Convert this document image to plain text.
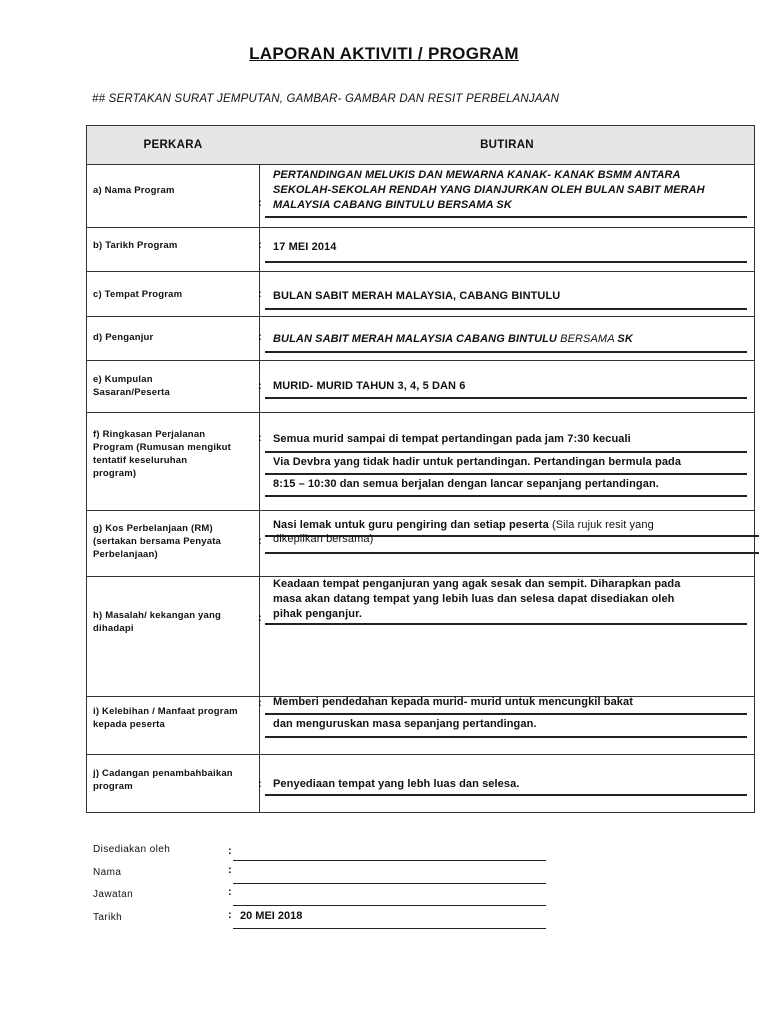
LAPORAN AKTIVITI / PROGRAM
## SERTAKAN SURAT JEMPUTAN, GAMBAR- GAMBAR DAN RESIT PERBELANJAAN
PERKARA	BUTIRAN
a) Nama Program
:
PERTANDINGAN MELUKIS DAN MEWARNA KANAK- KANAK BSMM ANTARA
SEKOLAH-SEKOLAH RENDAH YANG DIANJURKAN OLEH BULAN SABIT MERAH
MALAYSIA CABANG BINTULU BERSAMA SK
b) Tarikh Program	: 17 MEI 2014
c) Tempat Program	: BULAN SABIT MERAH MALAYSIA, CABANG BINTULU
d) Penganjur	: BULAN SABIT MERAH MALAYSIA CABANG BINTULU BERSAMA SK
e) Kumpulan Sasaran/Peserta
: MURID- MURID TAHUN 3, 4, 5 DAN 6
f) Ringkasan Perjalanan Program (Rumusan mengikut tentatif keseluruhan program)
: Semua murid sampai di tempat pertandingan pada jam 7:30 kecuali
Via Devbra yang tidak hadir untuk pertandingan. Pertandingan bermula pada
8:15 – 10:30 dan semua berjalan dengan lancar sepanjang pertandingan.
g) Kos Perbelanjaan (RM) (sertakan bersama Penyata Perbelanjaan)
:
Nasi lemak untuk guru pengiring dan setiap peserta (Sila rujuk resit yang
dikepilkan bersama)
h) Masalah/ kekangan yang dihadapi
:
Keadaan tempat penganjuran yang agak sesak dan sempit. Diharapkan pada
masa akan datang tempat yang lebih luas dan selesa dapat disediakan oleh
pihak penganjur.
i) Kelebihan / Manfaat program kepada peserta
: Memberi pendedahan kepada murid- murid untuk mencungkil bakat
dan menguruskan masa sepanjang pertandingan.
j) Cadangan penambahbaikan program	: Penyediaan tempat yang lebh luas dan selesa.
Disediakan oleh	:
Nama	:
Jawatan	:
Tarikh	: 20 MEI 2018
